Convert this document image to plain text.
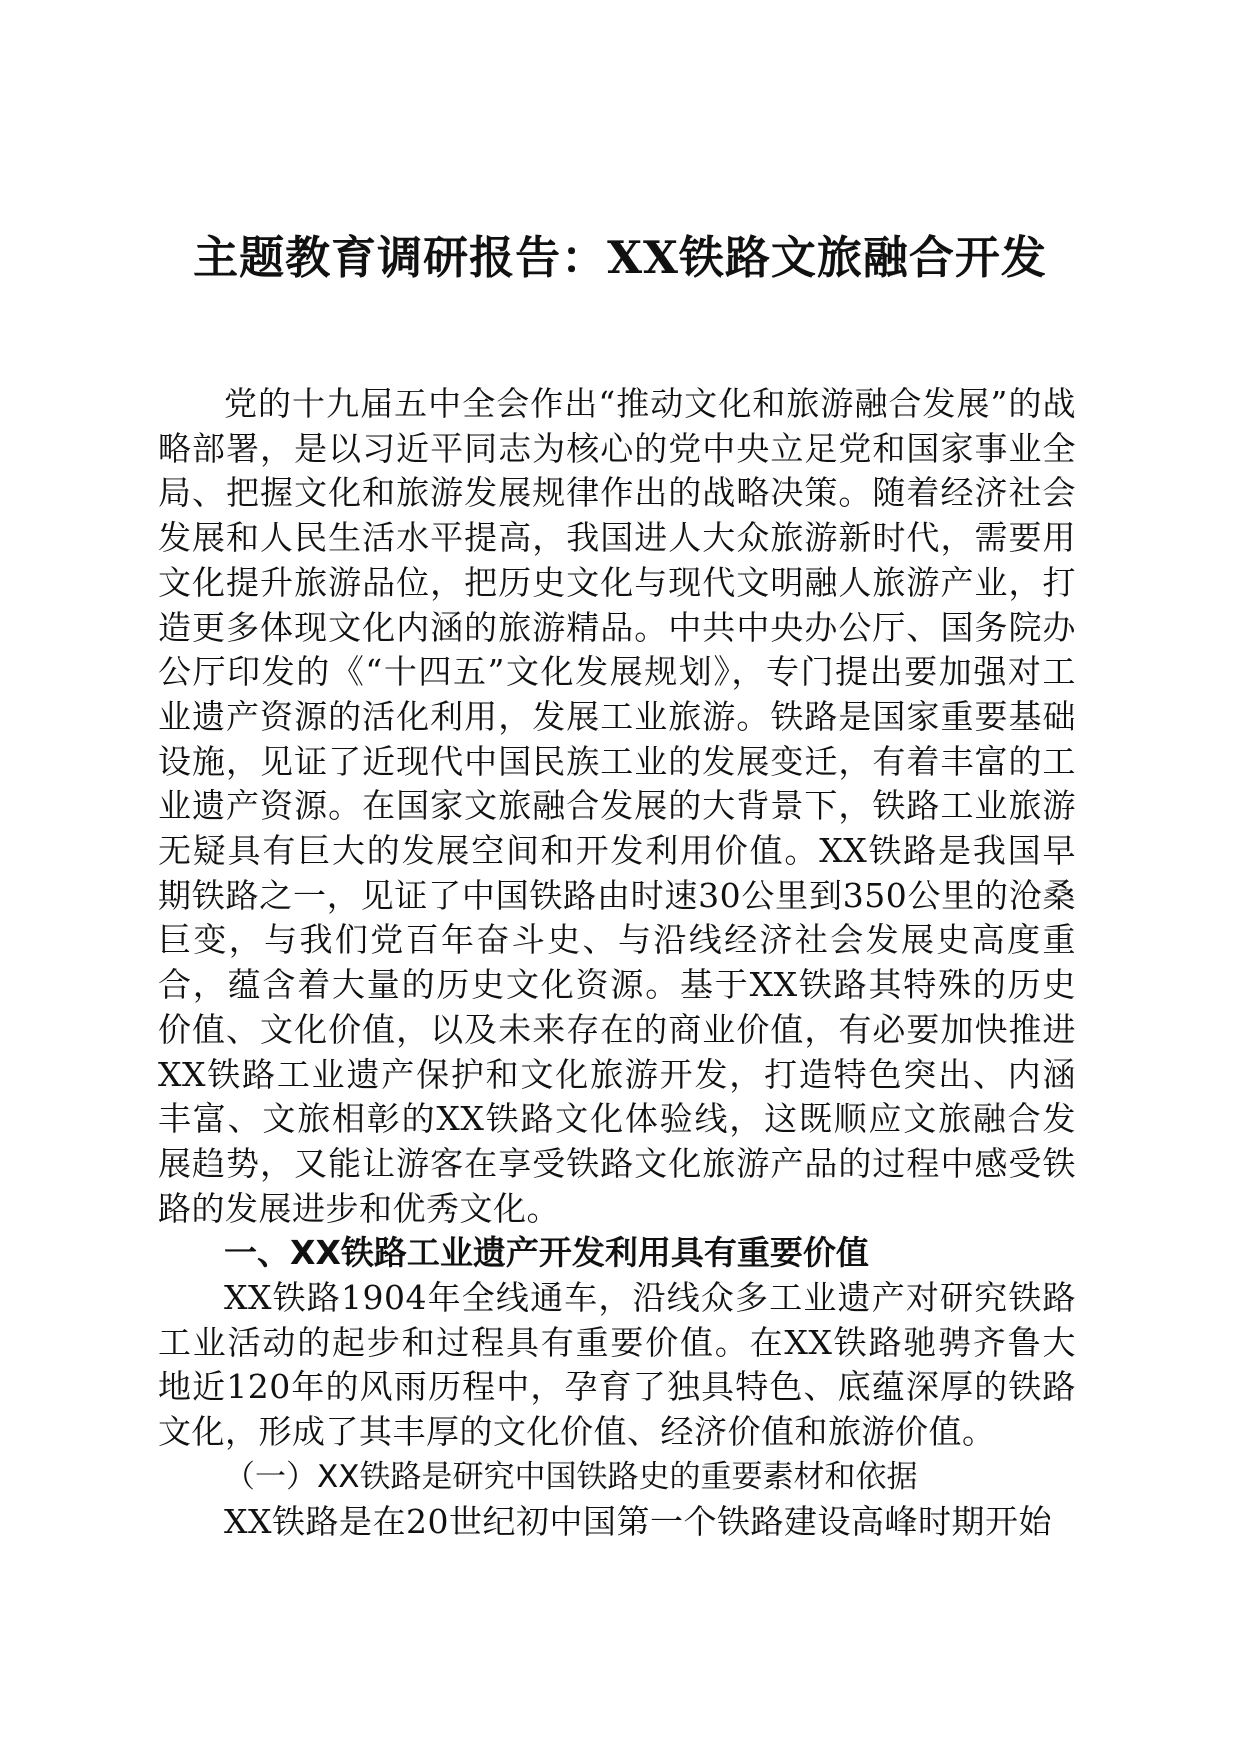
主题教育调研报告：XX铁路文旅融合开发

党的十九届五中全会作出“推动文化和旅游融合发展”的战略部署，是以习近平同志为核心的党中央立足党和国家事业全局、把握文化和旅游发展规律作出的战略决策。随着经济社会发展和人民生活水平提高，我国进人大众旅游新时代，需要用文化提升旅游品位，把历史文化与现代文明融人旅游产业，打造更多体现文化内涵的旅游精品。中共中央办公厅、国务院办公厅印发的《“十四五”文化发展规划》，专门提出要加强对工业遗产资源的活化利用，发展工业旅游。铁路是国家重要基础设施，见证了近现代中国民族工业的发展变迁，有着丰富的工业遗产资源。在国家文旅融合发展的大背景下，铁路工业旅游无疑具有巨大的发展空间和开发利用价值。XX铁路是我国早期铁路之一，见证了中国铁路由时速30公里到350公里的沧桑巨变，与我们党百年奋斗史、与沿线经济社会发展史高度重合，蕴含着大量的历史文化资源。基于XX铁路其特殊的历史价值、文化价值，以及未来存在的商业价值，有必要加快推进XX铁路工业遗产保护和文化旅游开发，打造特色突出、内涵丰富、文旅相彰的XX铁路文化体验线，这既顺应文旅融合发展趋势，又能让游客在享受铁路文化旅游产品的过程中感受铁路的发展进步和优秀文化。

一、XX铁路工业遗产开发利用具有重要价值

XX铁路1904年全线通车，沿线众多工业遗产对研究铁路工业活动的起步和过程具有重要价值。在XX铁路驰骋齐鲁大地近120年的风雨历程中，孕育了独具特色、底蕴深厚的铁路文化，形成了其丰厚的文化价值、经济价值和旅游价值。

（一）XX铁路是研究中国铁路史的重要素材和依据

XX铁路是在20世纪初中国第一个铁路建设高峰时期开始
